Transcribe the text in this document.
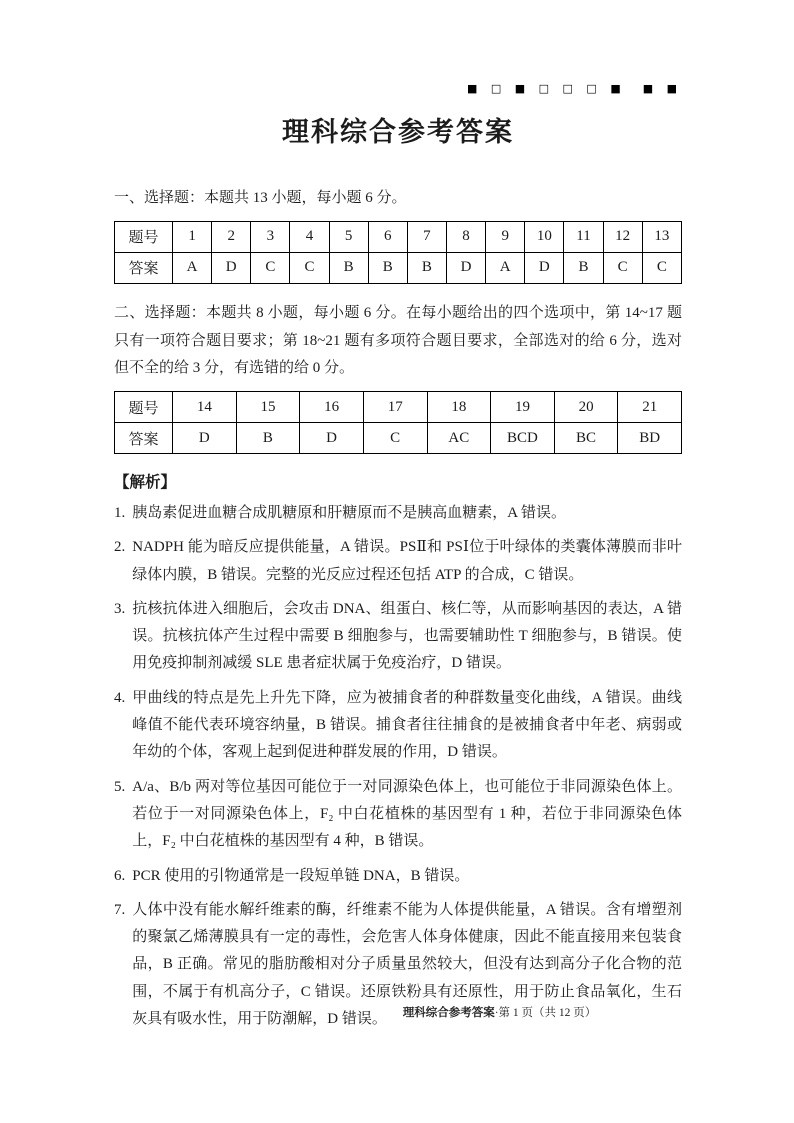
■ □ ■ □ □ □ ■  ■ ■
理科综合参考答案

一、选择题：本题共 13 小题，每小题 6 分。

题号	1	2	3	4	5	6	7	8	9	10	11	12	13
答案	A	D	C	C	B	B	B	D	A	D	B	C	C

二、选择题：本题共 8 小题，每小题 6 分。在每小题给出的四个选项中，第 14~17 题只有一项符合题目要求；第 18~21 题有多项符合题目要求，全部选对的给 6 分，选对但不全的给 3 分，有选错的给 0 分。

题号	14	15	16	17	18	19	20	21
答案	D	B	D	C	AC	BCD	BC	BD

【解析】

1. 胰岛素促进血糖合成肌糖原和肝糖原而不是胰高血糖素，A 错误。
2. NADPH 能为暗反应提供能量，A 错误。PSⅡ和 PSⅠ位于叶绿体的类囊体薄膜而非叶绿体内膜，B 错误。完整的光反应过程还包括 ATP 的合成，C 错误。
3. 抗核抗体进入细胞后，会攻击 DNA、组蛋白、核仁等，从而影响基因的表达，A 错误。抗核抗体产生过程中需要 B 细胞参与，也需要辅助性 T 细胞参与，B 错误。使用免疫抑制剂减缓 SLE 患者症状属于免疫治疗，D 错误。
4. 甲曲线的特点是先上升先下降，应为被捕食者的种群数量变化曲线，A 错误。曲线峰值不能代表环境容纳量，B 错误。捕食者往往捕食的是被捕食者中年老、病弱或年幼的个体，客观上起到促进种群发展的作用，D 错误。
5. A/a、B/b 两对等位基因可能位于一对同源染色体上，也可能位于非同源染色体上。若位于一对同源染色体上，F₂ 中白花植株的基因型有 1 种，若位于非同源染色体上，F₂ 中白花植株的基因型有 4 种，B 错误。
6. PCR 使用的引物通常是一段短单链 DNA，B 错误。
7. 人体中没有能水解纤维素的酶，纤维素不能为人体提供能量，A 错误。含有增塑剂的聚氯乙烯薄膜具有一定的毒性，会危害人体身体健康，因此不能直接用来包装食品，B 正确。常见的脂肪酸相对分子质量虽然较大，但没有达到高分子化合物的范围，不属于有机高分子，C 错误。还原铁粉具有还原性，用于防止食品氧化，生石灰具有吸水性，用于防潮解，D 错误。	理科综合参考答案·第 1 页（共 12 页）
